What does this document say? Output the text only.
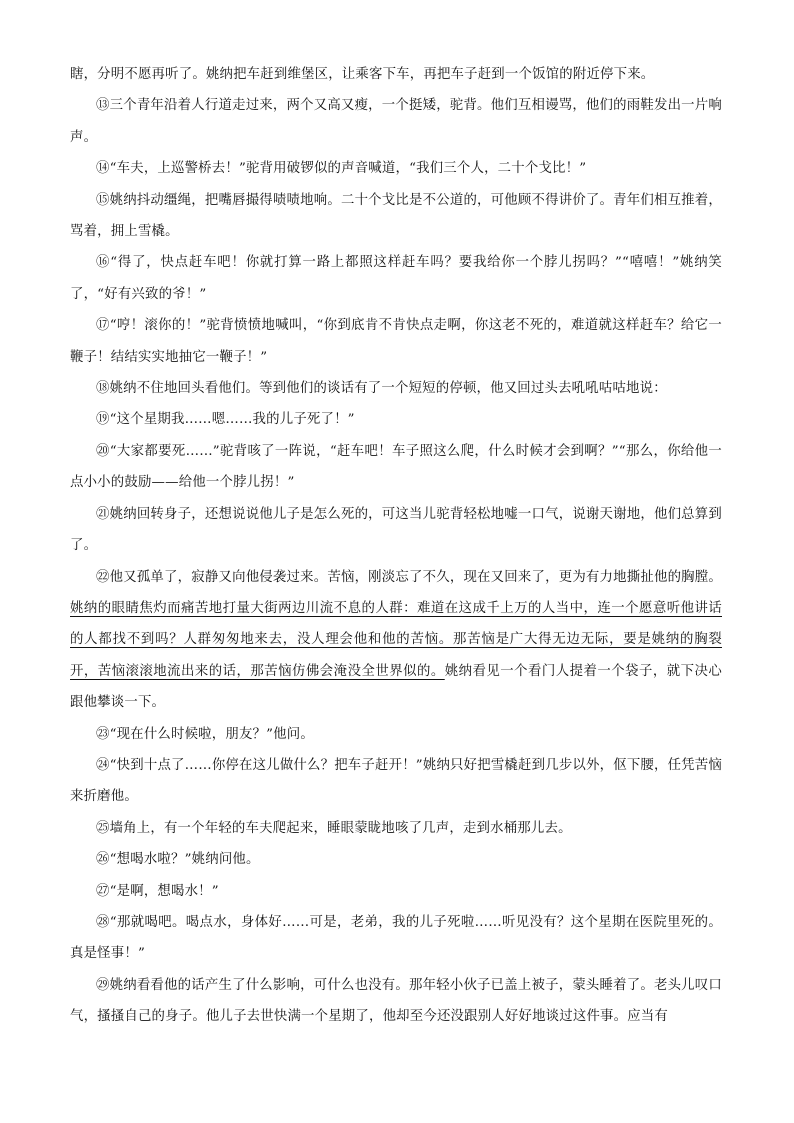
瞎，分明不愿再听了。姚纳把车赶到维堡区，让乘客下车，再把车子赶到一个饭馆的附近停下来。

⑬三个青年沿着人行道走过来，两个又高又瘦，一个挺矮，驼背。他们互相谩骂，他们的雨鞋发出一片响声。

⑭“车夫，上巡警桥去！”驼背用破锣似的声音喊道，“我们三个人，二十个戈比！”

⑮姚纳抖动缰绳，把嘴唇撮得啧啧地响。二十个戈比是不公道的，可他顾不得讲价了。青年们相互推着，骂着，拥上雪橇。

⑯“得了，快点赶车吧！你就打算一路上都照这样赶车吗？要我给你一个脖儿拐吗？”“嘻嘻！”姚纳笑了，“好有兴致的爷！”

⑰“哼！滚你的！”驼背愤愤地喊叫，“你到底肯不肯快点走啊，你这老不死的，难道就这样赶车？给它一鞭子！结结实实地抽它一鞭子！”

⑱姚纳不住地回头看他们。等到他们的谈话有了一个短短的停顿，他又回过头去吼吼咕咕地说：

⑲“这个星期我……嗯……我的儿子死了！”

⑳“大家都要死……”驼背咳了一阵说，“赶车吧！车子照这么爬，什么时候才会到啊？”“那么，你给他一点小小的鼓励——给他一个脖儿拐！”

㉑姚纳回转身子，还想说说他儿子是怎么死的，可这当儿驼背轻松地嘘一口气，说谢天谢地，他们总算到了。

㉒他又孤单了，寂静又向他侵袭过来。苦恼，刚淡忘了不久，现在又回来了，更为有力地撕扯他的胸膛。姚纳的眼睛焦灼而痛苦地打量大街两边川流不息的人群：难道在这成千上万的人当中，连一个愿意听他讲话的人都找不到吗？人群匆匆地来去，没人理会他和他的苦恼。那苦恼是广大得无边无际，要是姚纳的胸裂开，苦恼滚滚地流出来的话，那苦恼仿佛会淹没全世界似的。姚纳看见一个看门人提着一个袋子，就下决心跟他攀谈一下。

㉓“现在什么时候啦，朋友？”他问。

㉔“快到十点了……你停在这儿做什么？把车子赶开！”姚纳只好把雪橇赶到几步以外，伛下腰，任凭苦恼来折磨他。

㉕墙角上，有一个年轻的车夫爬起来，睡眼蒙眬地咳了几声，走到水桶那儿去。

㉖“想喝水啦？”姚纳问他。

㉗“是啊，想喝水！”

㉘“那就喝吧。喝点水，身体好……可是，老弟，我的儿子死啦……听见没有？这个星期在医院里死的。真是怪事！”

㉙姚纳看看他的话产生了什么影响，可什么也没有。那年轻小伙子已盖上被子，蒙头睡着了。老头儿叹口气，搔搔自己的身子。他儿子去世快满一个星期了，他却至今还没跟别人好好地谈过这件事。应当有
